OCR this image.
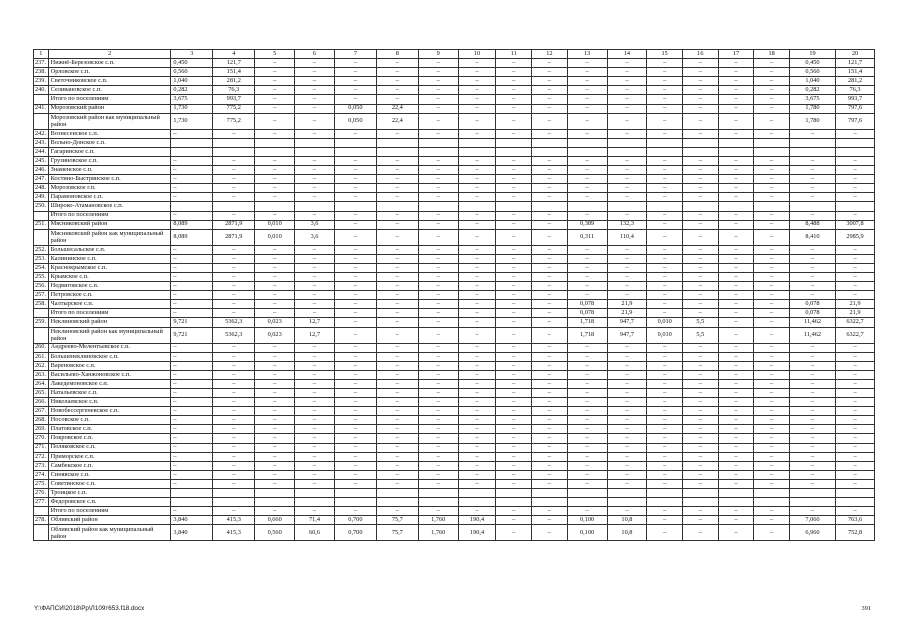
1	2	3	4	5	6	7	8	9	10	11	12	13	14	15	16	17	18	19	20
237.	Нижнё-Березовское с.п.	0,450	121,7	–	–	–	–	–	–	–	–	–	–	–	–	–	–	0,450	121,7
238.	Орловское с.п.	0,560	151,4	–	–	–	–	–	–	–	–	–	–	–	–	–	–	0,560	151,4
239.	Светочниковское с.п.	1,040	281,2	–	–	–	–	–	–	–	–	–	–	–	–	–	–	1,040	281,2
240.	Селивановское с.п.	0,282	76,3	–	–	–	–	–	–	–	–	–	–	–	–	–	–	0,282	76,3
	Итого по поселениям	3,675	993,7	–	–	–	–	–	–	–	–	–	–	–	–	–	–	3,675	993,7
241.	Морозовский район	1,730	775,2	–	–	0,050	22,4	–	–	–	–	–	–	–	–	–	–	1,780	797,6
	Морозовский район как муниципальный район	1,730	775,2	–	–	0,050	22,4	–	–	–	–	–	–	–	–	–	–	1,780	797,6
242.	Вознесенское с.п.	–	–	–	–	–	–	–	–	–	–	–	–	–	–	–	–	–	–
243.	Вольно-Донское с.п.																		
244.	Гагаринское с.п.																		
245.	Грузиновское с.п.	–	–	–	–	–	–	–	–	–	–	–	–	–	–	–	–	–	–
246.	Знаменское с.п.	–	–	–	–	–	–	–	–	–	–	–	–	–	–	–	–	–	–
247.	Костино-Быстрянское с.п.	–	–	–	–	–	–	–	–	–	–	–	–	–	–	–	–	–	–
248.	Морозовское г.п.	–	–	–	–	–	–	–	–	–	–	–	–	–	–	–	–	–	–
249.	Парамоновское с.п.	–	–	–	–	–	–	–	–	–	–	–	–	–	–	–	–	–	–
250.	Широко-Атамановское с.п.																		
	Итого по поселениям	–	–	–	–	–	–	–	–	–	–	–	–	–	–	–	–	–	–
251.	Мясниковский район	8,089	2871,9	0,010	3,6	–	–	–	–	–	–	0,389	132,3	–	–	–	–	8,488	3007,8
	Мясниковский район как муниципальный район	8,089	2871,9	0,010	3,6	–	–	–	–	–	–	0,311	110,4	–	–	–	–	8,410	2985,9
252.	Большесальское с.п.	–	–	–	–	–	–	–	–	–	–	–	–	–	–	–	–	–	–
253.	Калининское с.п.	–	–	–	–	–	–	–	–	–	–	–	–	–	–	–	–	–	–
254.	Краснокрымское с.п.	–	–	–	–	–	–	–	–	–	–	–	–	–	–	–	–	–	–
255.	Крымское с.п.	–	–	–	–	–	–	–	–	–	–	–	–	–	–	–	–	–	–
256.	Недвиговское с.п.	–	–	–	–	–	–	–	–	–	–	–	–	–	–	–	–	–	–
257.	Петровское с.п.	–	–	–	–	–	–	–	–	–	–	–	–	–	–	–	–	–	–
258.	Чалтырское с.п.	–	–	–	–	–	–	–	–	–	–	0,078	21,9	–	–	–	–	0,078	21,9
	Итого по поселениям	–	–	–	–	–	–	–	–	–	–	0,078	21,9	–	–	–	–	0,078	21,9
259.	Неклиновский район	9,721	5362,3	0,023	12,7	–	–	–	–	–	–	1,718	947,7	0,010	5,5	–	–	11,462	6322,7
	Неклиновский район как муниципальный район	9,721	5362,3	0,023	12,7	–	–	–	–	–	–	1,718	947,7	0,010	5,5	–	–	11,462	6322,7
260.	Андреево-Мелентьевское с.п.	–	–	–	–	–	–	–	–	–	–	–	–	–	–	–	–	–	–
261.	Большенеклиновское с.п.	–	–	–	–	–	–	–	–	–	–	–	–	–	–	–	–	–	–
262.	Вареновское с.п.	–	–	–	–	–	–	–	–	–	–	–	–	–	–	–	–	–	–
263.	Васильево-Ханжоновское с.п.	–	–	–	–	–	–	–	–	–	–	–	–	–	–	–	–	–	–
264.	Лакедемоновское с.п.	–	–	–	–	–	–	–	–	–	–	–	–	–	–	–	–	–	–
265.	Натальевское с.п.	–	–	–	–	–	–	–	–	–	–	–	–	–	–	–	–	–	–
266.	Николаевское с.п.	–	–	–	–	–	–	–	–	–	–	–	–	–	–	–	–	–	–
267.	Новобессергеневское с.п.	–	–	–	–	–	–	–	–	–	–	–	–	–	–	–	–	–	–
268.	Носовское с.п.	–	–	–	–	–	–	–	–	–	–	–	–	–	–	–	–	–	–
269.	Платовское с.п.	–	–	–	–	–	–	–	–	–	–	–	–	–	–	–	–	–	–
270.	Покровское с.п.	–	–	–	–	–	–	–	–	–	–	–	–	–	–	–	–	–	–
271.	Поляковское с.п.	–	–	–	–	–	–	–	–	–	–	–	–	–	–	–	–	–	–
272.	Приморское с.п.	–	–	–	–	–	–	–	–	–	–	–	–	–	–	–	–	–	–
273.	Самбекское с.п.	–	–	–	–	–	–	–	–	–	–	–	–	–	–	–	–	–	–
274.	Синявское с.п.	–	–	–	–	–	–	–	–	–	–	–	–	–	–	–	–	–	–
275.	Советинское с.п.	–	–	–	–	–	–	–	–	–	–	–	–	–	–	–	–	–	–
276.	Троицкое с.п.																		
277.	Федоровское с.п.																		
	Итого по поселениям	–	–	–	–	–	–	–	–	–	–	–	–	–	–	–	–	–	–
278.	Обливский район	3,840	415,3	0,660	71,4	0,700	75,7	1,760	190,4	–	–	0,100	10,8	–	–	–	–	7,060	763,6
	Обливский район как муниципальный район	3,840	415,3	0,560	60,6	0,700	75,7	1,760	190,4	–	–	0,100	10,8	–	–	–	–	6,960	752,8
Y:\ФАПСИ\2018\Pp\Л109т653.f18.docx	391
